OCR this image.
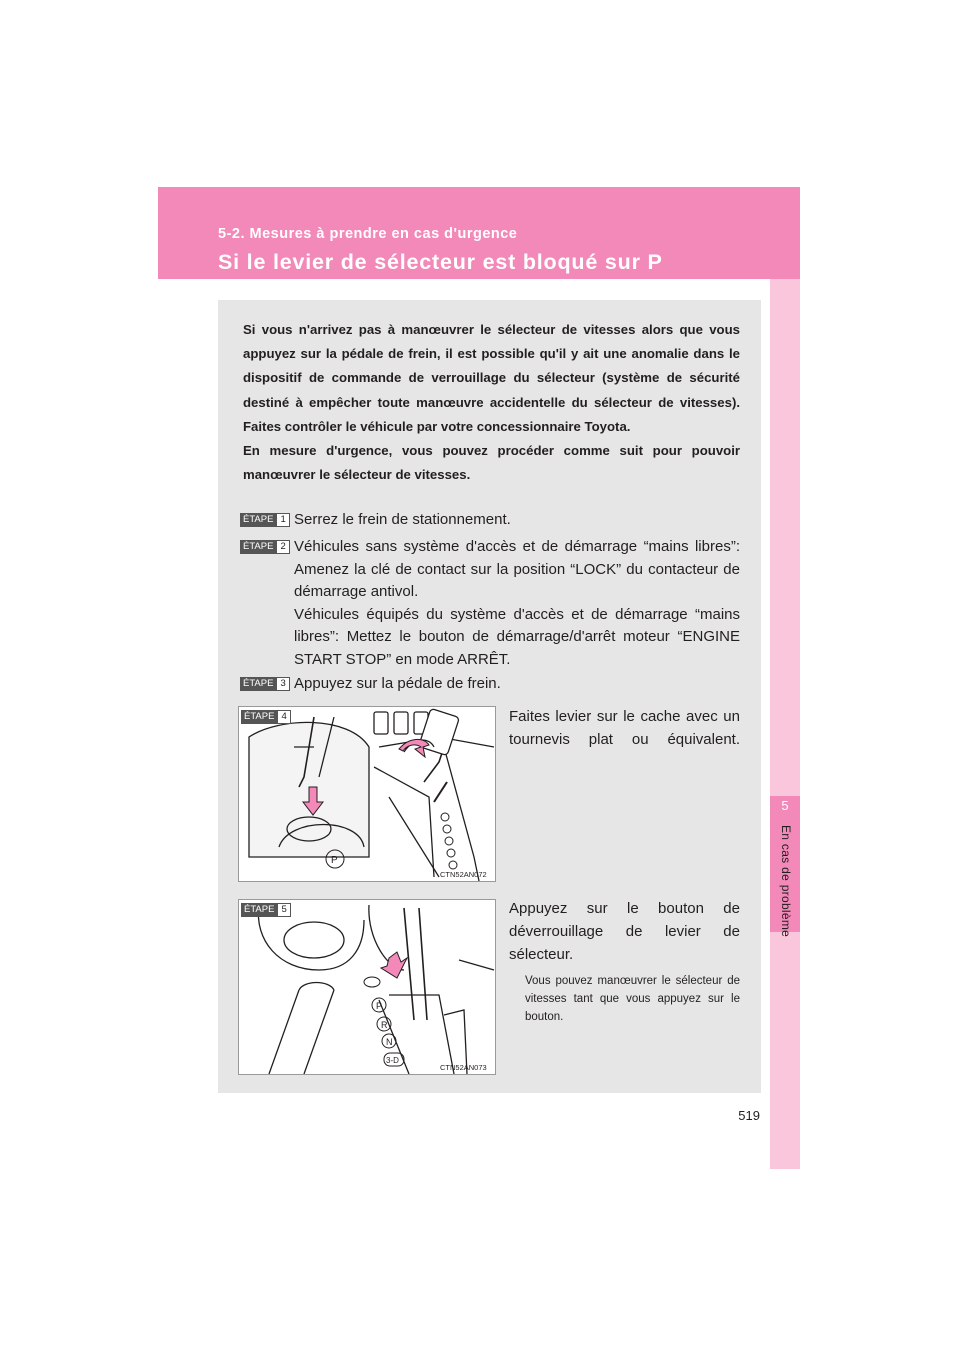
5-2. Mesures à prendre en cas d'urgence
Si le levier de sélecteur est bloqué sur P
5
En cas de problème

Si vous n'arrivez pas à manœuvrer le sélecteur de vitesses alors que vous appuyez sur la pédale de frein, il est possible qu'il y ait une anomalie dans le dispositif de commande de verrouillage du sélecteur (système de sécurité destiné à empêcher toute manœuvre accidentelle du sélecteur de vitesses). Faites contrôler le véhicule par votre concessionnaire Toyota.

En mesure d'urgence, vous pouvez procéder comme suit pour pouvoir manœuvrer le sélecteur de vitesses.

ÉTAPE 1 Serrez le frein de stationnement.

ÉTAPE 2 Véhicules sans système d'accès et de démarrage “mains libres”: Amenez la clé de contact sur la position “LOCK” du contacteur de démarrage antivol.

Véhicules équipés du système d'accès et de démarrage “mains libres”: Mettez le bouton de démarrage/d'arrêt moteur “ENGINE START STOP” en mode ARRÊT.

ÉTAPE 3 Appuyez sur la pédale de frein.

P
ÉTAPE 4
CTN52AN072
Faites levier sur le cache avec un tournevis plat ou équivalent.
P
R
N
3-D
ÉTAPE 5
CTN52AN073
Appuyez sur le bouton de déverrouillage de levier de sélecteur.
Vous pouvez manœuvrer le sélecteur de vitesses tant que vous appuyez sur le bouton.
519
